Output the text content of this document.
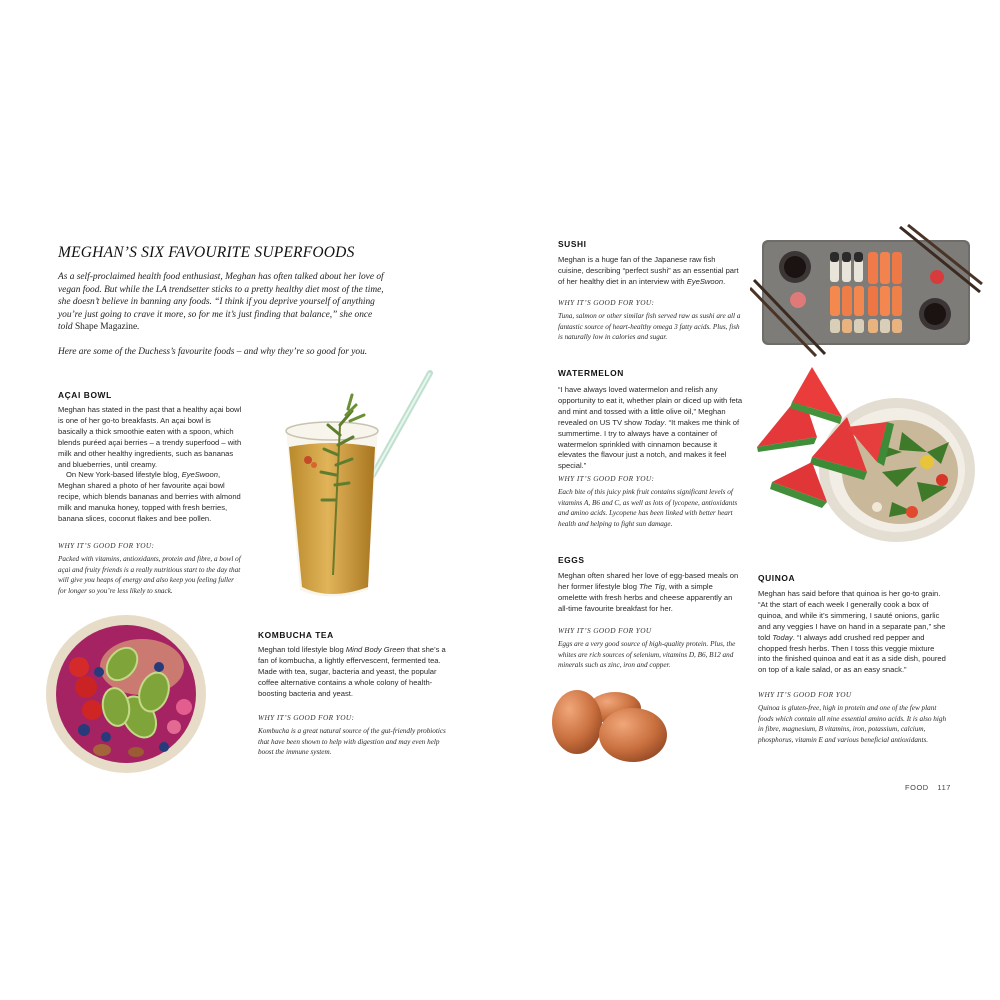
MEGHAN’S SIX FAVOURITE SUPERFOODS

As a self-proclaimed health food enthusiast, Meghan has often talked about her love of vegan food. But while the LA trendsetter sticks to a pretty healthy diet most of the time, she doesn’t believe in banning any foods. “I think if you deprive yourself of anything you’re just going to crave it more, so for me it’s just finding that balance,” she once told Shape Magazine.

Here are some of the Duchess’s favourite foods – and why they’re so good for you.

AÇAI BOWL

Meghan has stated in the past that a healthy açai bowl is one of her go-to breakfasts. An açai bowl is basically a thick smoothie eaten with a spoon, which blends puréed açai berries – a trendy superfood – with milk and other healthy ingredients, such as bananas and blueberries, until creamy.

On New York-based lifestyle blog, EyeSwoon, Meghan shared a photo of her favourite açai bowl recipe, which blends bananas and berries with almond milk and manuka honey, topped with fresh berries, banana slices, coconut flakes and bee pollen.

WHY IT’S GOOD FOR YOU:
Packed with vitamins, antioxidants, protein and fibre, a bowl of açai and fruity friends is a really nutritious start to the day that will give you heaps of energy and also keep you feeling fuller for longer so you’re less likely to snack.
KOMBUCHA TEA
Meghan told lifestyle blog Mind Body Green that she’s a fan of kombucha, a lightly effervescent, fermented tea. Made with tea, sugar, bacteria and yeast, the popular coffee alternative contains a whole colony of health-boosting bacteria and yeast.
WHY IT’S GOOD FOR YOU:
Kombucha is a great natural source of the gut-friendly probiotics that have been shown to help with digestion and may even help boost the immune system.
SUSHI
Meghan is a huge fan of the Japanese raw fish cuisine, describing “perfect sushi” as an essential part of her healthy diet in an interview with EyeSwoon.
WHY IT’S GOOD FOR YOU:
Tuna, salmon or other similar fish served raw as sushi are all a fantastic source of heart-healthy omega 3 fatty acids. Plus, fish is naturally low in calories and sugar.
WATERMELON
“I have always loved watermelon and relish any opportunity to eat it, whether plain or diced up with feta and mint and tossed with a little olive oil,” Meghan revealed on US TV show Today. “It makes me think of summertime. I try to always have a container of watermelon sprinkled with cinnamon because it elevates the flavour just a notch, and makes it feel special.”
WHY IT’S GOOD FOR YOU:
Each bite of this juicy pink fruit contains significant levels of vitamins A, B6 and C, as well as lots of lycopene, antioxidants and amino acids. Lycopene has been linked with better heart health and helping to fight sun damage.
EGGS
Meghan often shared her love of egg-based meals on her former lifestyle blog The Tig, with a simple omelette with fresh herbs and cheese apparently an all-time favourite breakfast for her.
WHY IT’S GOOD FOR YOU
Eggs are a very good source of high-quality protein. Plus, the whites are rich sources of selenium, vitamins D, B6, B12 and minerals such as zinc, iron and copper.
QUINOA
Meghan has said before that quinoa is her go-to grain. “At the start of each week I generally cook a box of quinoa, and while it’s simmering, I sauté onions, garlic and any veggies I have on hand in a separate pan,” she told Today. “I always add crushed red pepper and chopped fresh herbs. Then I toss this veggie mixture into the finished quinoa and eat it as a side dish, poured on top of a kale salad, or as an easy snack.”
WHY IT’S GOOD FOR YOU
Quinoa is gluten-free, high in protein and one of the few plant foods which contain all nine essential amino acids. It is also high in fibre, magnesium, B vitamins, iron, potassium, calcium, phosphorus, vitamin E and various beneficial antioxidants.
FOOD 117
